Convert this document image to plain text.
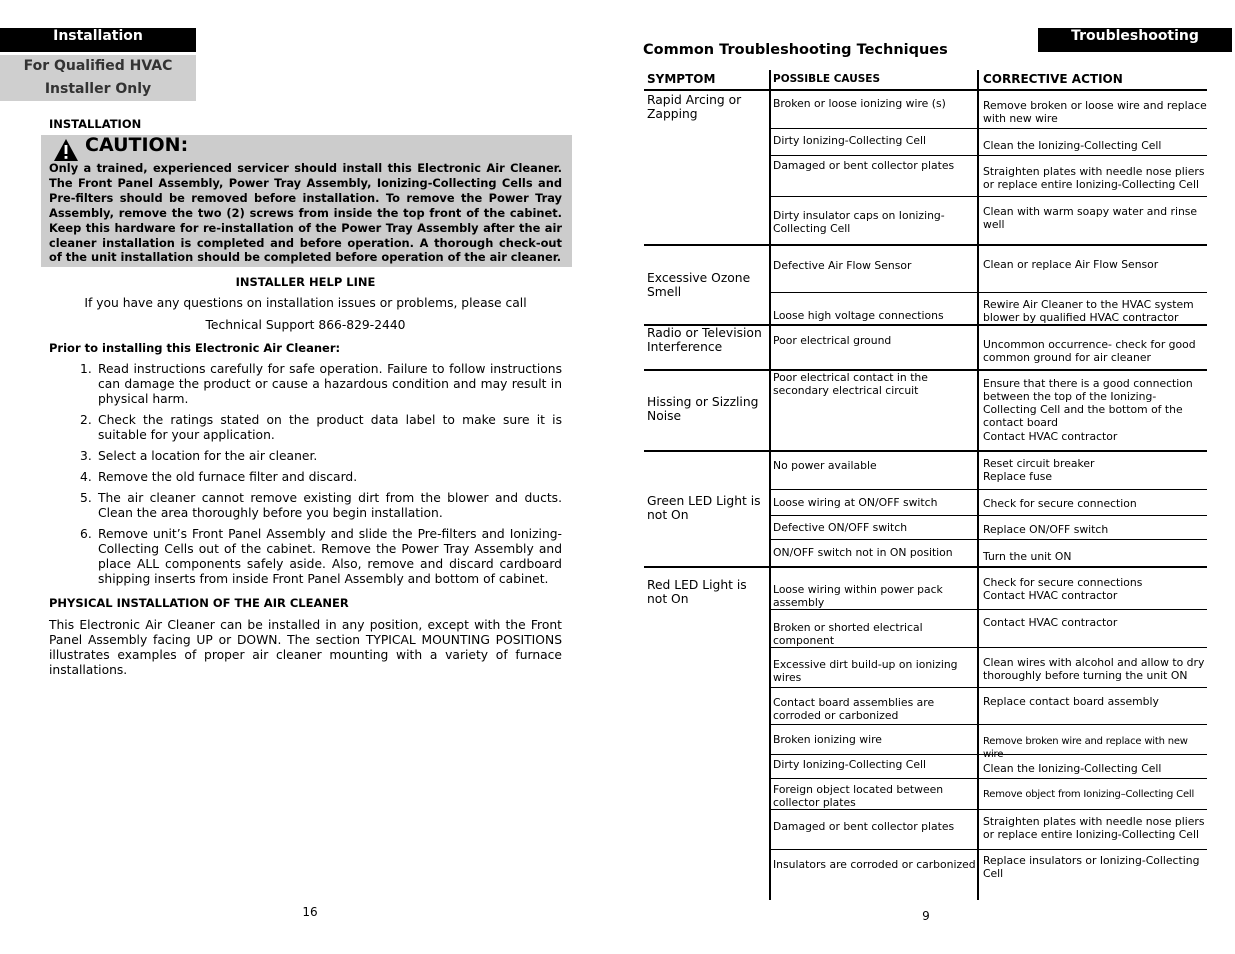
Installation
For Qualified HVAC
Installer Only
INSTALLATION
CAUTION:
Only a trained, experienced servicer should install this Electronic Air Cleaner. The Front Panel Assembly, Power Tray Assembly, Ionizing-Collecting Cells and Pre-filters should be removed before installation. To remove the Power Tray Assembly, remove the two (2) screws from inside the top front of the cabinet. Keep this hardware for re-installation of the Power Tray Assembly after the air cleaner installation is completed and before operation. A thorough check-out of the unit installation should be completed before operation of the air cleaner.
INSTALLER HELP LINE
If you have any questions on installation issues or problems, please call
Technical Support 866-829-2440
Prior to installing this Electronic Air Cleaner:
1. Read instructions carefully for safe operation. Failure to follow instructions can damage the product or cause a hazardous condition and may result in physical harm.
2. Check the ratings stated on the product data label to make sure it is suitable for your application.
3. Select a location for the air cleaner.
4. Remove the old furnace filter and discard.
5. The air cleaner cannot remove existing dirt from the blower and ducts. Clean the area thoroughly before you begin installation.
6. Remove unit’s Front Panel Assembly and slide the Pre-filters and Ionizing-Collecting Cells out of the cabinet. Remove the Power Tray Assembly and place ALL components safely aside. Also, remove and discard cardboard shipping inserts from inside Front Panel Assembly and bottom of cabinet.
PHYSICAL INSTALLATION OF THE AIR CLEANER
This Electronic Air Cleaner can be installed in any position, except with the Front Panel Assembly facing UP or DOWN. The section TYPICAL MOUNTING POSITIONS illustrates examples of proper air cleaner mounting with a variety of furnace installations.
16
Troubleshooting
Common Troubleshooting Techniques
SYMPTOM	POSSIBLE CAUSES	CORRECTIVE ACTION
Rapid Arcing or Zapping
Excessive Ozone Smell
Radio or Television Interference
Hissing or Sizzling Noise
Green LED Light is not On
Red LED Light is not On
Broken or loose ionizing wire (s)
Dirty Ionizing-Collecting Cell
Damaged or bent collector plates
Dirty insulator caps on Ionizing-Collecting Cell
Defective Air Flow Sensor
Loose high voltage connections
Poor electrical ground
Poor electrical contact in the secondary electrical circuit
No power available
Loose wiring at ON/OFF switch
Defective ON/OFF switch
ON/OFF switch not in ON position
Loose wiring within power pack assembly
Broken or shorted electrical component
Excessive dirt build-up on ionizing wires
Contact board assemblies are corroded or carbonized
Broken ionizing wire
Dirty Ionizing-Collecting Cell
Foreign object located between collector plates
Damaged or bent collector plates
Insulators are corroded or carbonized
Remove broken or loose wire and replace with new wire
Clean the Ionizing-Collecting Cell
Straighten plates with needle nose pliers or replace entire Ionizing-Collecting Cell
Clean with warm soapy water and rinse well
Clean or replace Air Flow Sensor
Rewire Air Cleaner to the HVAC system blower by qualified HVAC contractor
Uncommon occurrence- check for good common ground for air cleaner
Ensure that there is a good connection between the top of the Ionizing-Collecting Cell and the bottom of the contact board
Contact HVAC contractor
Reset circuit breaker
Replace fuse
Check for secure connection
Replace ON/OFF switch
Turn the unit ON
Check for secure connections
Contact HVAC contractor
Contact HVAC contractor
Clean wires with alcohol and allow to dry thoroughly before turning the unit ON
Replace contact board assembly
Remove broken wire and replace with new wire
Clean the Ionizing-Collecting Cell
Remove object from Ionizing–Collecting Cell
Straighten plates with needle nose pliers or replace entire Ionizing-Collecting Cell
Replace insulators or Ionizing-Collecting Cell
9
